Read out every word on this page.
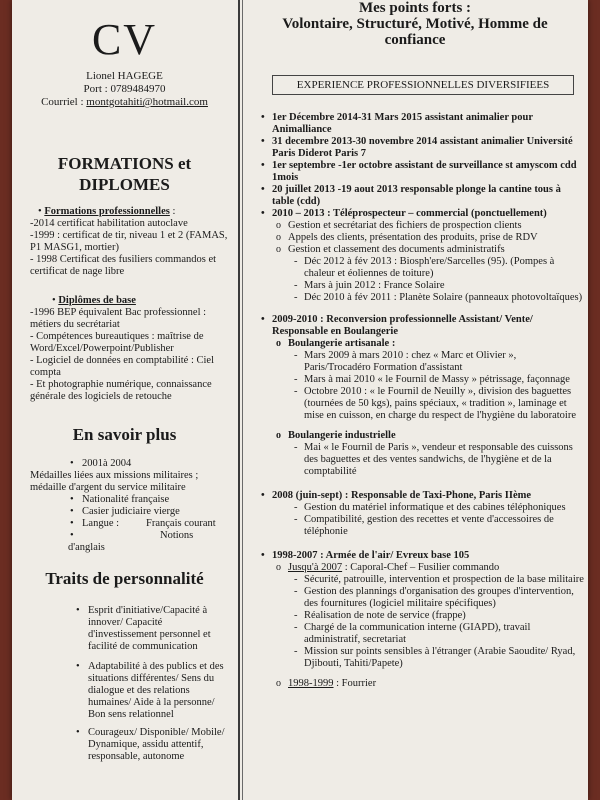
CV
Lionel HAGEGE
Port : 0789484970
Courriel : montgotahiti@hotmail.com
FORMATIONS et
DIPLOMES
• Formations professionnelles :
-2014 certificat habilitation autoclave
-1999 : certificat de tir, niveau 1 et 2 (FAMAS, P1 MASG1, mortier)
- 1998 Certificat des fusiliers commandos et certificat de nage libre
• Diplômes de base
-1996 BEP équivalent Bac professionnel : métiers du secrétariat
- Compétences bureautiques : maîtrise de Word/Excel/Powerpoint/Publisher
- Logiciel de données en comptabilité : Ciel compta
- Et photographie numérique, connaissance générale des logiciels de retouche
En savoir plus
• 2001à 2004
Médailles liées aux missions militaires ; médaille d'argent du service militaire
• Nationalité française
• Casier judiciaire vierge
• Langue :	Français courant
• Notions d'anglais
Traits de personnalité
• Esprit d'initiative/Capacité à innover/ Capacité d'investissement personnel et facilité de communication
• Adaptabilité à des publics et des situations différentes/ Sens du dialogue et des relations humaines/ Aide à la personne/ Bon sens relationnel
• Courageux/ Disponible/ Mobile/ Dynamique, assidu attentif, responsable, autonome
Mes points forts :
Volontaire, Structuré, Motivé, Homme de
confiance
EXPERIENCE PROFESSIONNELLES DIVERSIFIEES
• 1er Décembre 2014-31 Mars 2015 assistant animalier pour Animalliance
• 31 decembre 2013-30 novembre 2014 assistant animalier Université Paris Diderot Paris 7
• 1er septembre -1er octobre assistant de surveillance st amyscom cdd 1mois
• 20 juillet 2013 -19 aout 2013 responsable plonge la cantine tous à table (cdd)
• 2010 – 2013 : Téléprospecteur – commercial (ponctuellement)
o Gestion et secrétariat des fichiers de prospection clients
o Appels des clients, présentation des produits, prise de RDV
o Gestion et classement des documents administratifs
- Déc 2012 à fév 2013 : Biosph'ere/Sarcelles (95). (Pompes à chaleur et éoliennes de toiture)
- Mars à juin 2012 : France Solaire
- Déc 2010 à fév 2011 : Planète Solaire (panneaux photovoltaïques)
• 2009-2010 : Reconversion professionnelle Assistant/ Vente/ Responsable en Boulangerie
o Boulangerie artisanale :
- Mars 2009 à mars 2010 : chez « Marc et Olivier », Paris/Trocadéro Formation d'assistant
- Mars à mai 2010 « le Fournil de Massy » pétrissage, façonnage
- Octobre 2010 : « le Fournil de Neuilly », division des baguettes (tournées de 50 kgs), pains spéciaux, « tradition », laminage et mise en cuisson, en charge du respect de l'hygiène du laboratoire
o Boulangerie industrielle
- Mai « le Fournil de Paris », vendeur et responsable des cuissons des baguettes et des ventes sandwichs, de l'hygiène et de la comptabilité
• 2008 (juin-sept) : Responsable de Taxi-Phone, Paris IIème
- Gestion du matériel informatique et des cabines téléphoniques
- Compatibilité, gestion des recettes et vente d'accessoires de téléphonie
• 1998-2007 : Armée de l'air/ Evreux base 105
o Jusqu'à 2007 : Caporal-Chef – Fusilier commando
- Sécurité, patrouille, intervention et prospection de la base militaire
- Gestion des plannings d'organisation des groupes d'intervention, des fournitures (logiciel militaire spécifiques)
- Réalisation de note de service (frappe)
- Chargé de la communication interne (GIAPD), travail administratif, secretariat
- Mission sur points sensibles à l'étranger (Arabie Saoudite/ Ryad, Djibouti, Tahiti/Papete)
o 1998-1999 : Fourrier
